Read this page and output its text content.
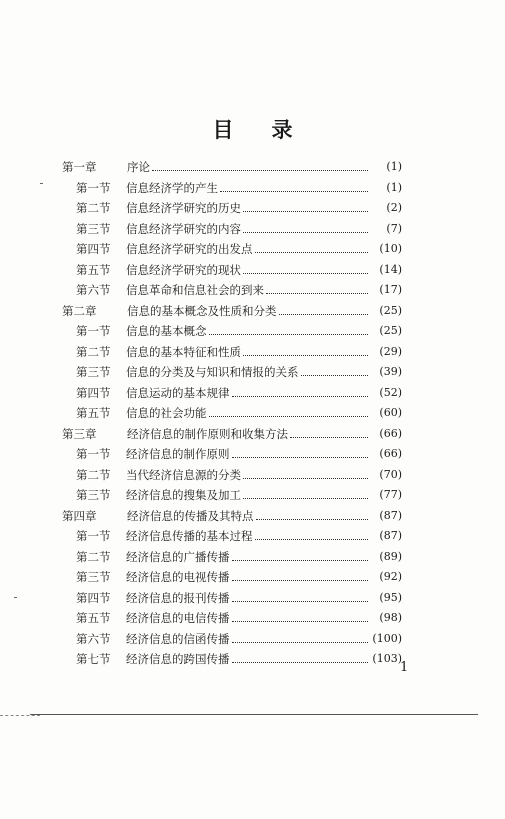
目 录
第一章	序论	(1)
第一节	信息经济学的产生	(1)
第二节	信息经济学研究的历史	(2)
第三节	信息经济学研究的内容	(7)
第四节	信息经济学研究的出发点	(10)
第五节	信息经济学研究的现状	(14)
第六节	信息革命和信息社会的到来	(17)
第二章	信息的基本概念及性质和分类	(25)
第一节	信息的基本概念	(25)
第二节	信息的基本特征和性质	(29)
第三节	信息的分类及与知识和情报的关系	(39)
第四节	信息运动的基本规律	(52)
第五节	信息的社会功能	(60)
第三章	经济信息的制作原则和收集方法	(66)
第一节	经济信息的制作原则	(66)
第二节	当代经济信息源的分类	(70)
第三节	经济信息的搜集及加工	(77)
第四章	经济信息的传播及其特点	(87)
第一节	经济信息传播的基本过程	(87)
第二节	经济信息的广播传播	(89)
第三节	经济信息的电视传播	(92)
第四节	经济信息的报刊传播	(95)
第五节	经济信息的电信传播	(98)
第六节	经济信息的信函传播	(100)
第七节	经济信息的跨国传播	(103)
1
